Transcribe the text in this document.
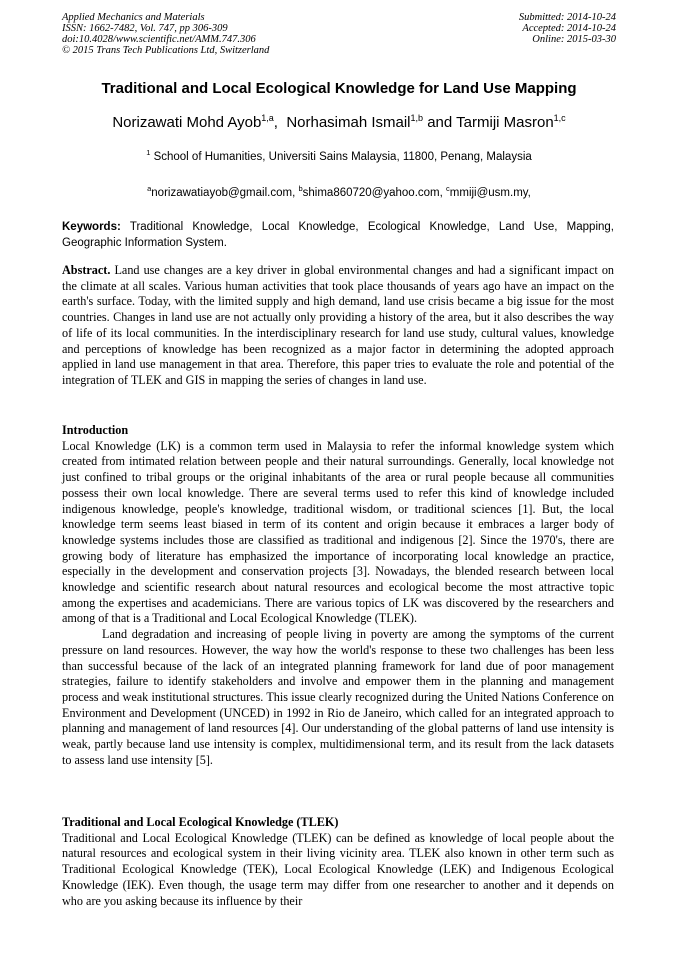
Applied Mechanics and Materials
ISSN: 1662-7482, Vol. 747, pp 306-309
doi:10.4028/www.scientific.net/AMM.747.306
© 2015 Trans Tech Publications Ltd, Switzerland
Submitted: 2014-10-24
Accepted: 2014-10-24
Online: 2015-03-30
Traditional and Local Ecological Knowledge for Land Use Mapping
Norizawati Mohd Ayob$^{1,a}$,  Norhasimah Ismail$^{1,b}$ and Tarmiji Masron$^{1,c}$
$^1$ School of Humanities, Universiti Sains Malaysia, 11800, Penang, Malaysia
$^a$norizawatiayob@gmail.com, $^b$shima860720@yahoo.com, $^c$mmiji@usm.my,
Keywords: Traditional Knowledge, Local Knowledge, Ecological Knowledge, Land Use, Mapping, Geographic Information System.

Abstract. Land use changes are a key driver in global environmental changes and had a significant impact on the climate at all scales. Various human activities that took place thousands of years ago have an impact on the earth's surface. Today, with the limited supply and high demand, land use crisis became a big issue for the most countries. Changes in land use are not actually only providing a history of the area, but it also describes the way of life of its local communities. In the interdisciplinary research for land use study, cultural values, knowledge and perceptions of knowledge has been recognized as a major factor in determining the adopted approach applied in land use management in that area. Therefore, this paper tries to evaluate the role and potential of the integration of TLEK and GIS in mapping the series of changes in land use.

Introduction

Local Knowledge (LK) is a common term used in Malaysia to refer the informal knowledge system which created from intimated relation between people and their natural surroundings. Generally, local knowledge not just confined to tribal groups or the original inhabitants of the area or rural people because all communities possess their own local knowledge. There are several terms used to refer this kind of knowledge included indigenous knowledge, people's knowledge, traditional wisdom, or traditional sciences [1]. But, the local knowledge term seems least biased in term of its content and origin because it embraces a larger body of knowledge systems includes those are classified as traditional and indigenous [2]. Since the 1970's, there are growing body of literature has emphasized the importance of incorporating local knowledge an practice, especially in the development and conservation projects [3]. Nowadays, the blended research between local knowledge and scientific research about natural resources and ecological become the most attractive topic among the expertises and academicians. There are various topics of LK was discovered by the researchers and among of that is a Traditional and Local Ecological Knowledge (TLEK).

Land degradation and increasing of people living in poverty are among the symptoms of the current pressure on land resources. However, the way how the world's response to these two challenges has been less than successful because of the lack of an integrated planning framework for land due of poor management strategies, failure to identify stakeholders and involve and empower them in the planning and management process and weak institutional structures. This issue clearly recognized during the United Nations Conference on Environment and Development (UNCED) in 1992 in Rio de Janeiro, which called for an integrated approach to planning and management of land resources [4]. Our understanding of the global patterns of land use intensity is weak, partly because land use intensity is complex, multidimensional term, and its result from the lack datasets to assess land use intensity [5].

Traditional and Local Ecological Knowledge (TLEK)

Traditional and Local Ecological Knowledge (TLEK) can be defined as knowledge of local people about the natural resources and ecological system in their living vicinity area. TLEK also known in other term such as Traditional Ecological Knowledge (TEK), Local Ecological Knowledge (LEK) and Indigenous Ecological Knowledge (IEK). Even though, the usage term may differ from one researcher to another and it depends on who are you asking because its influence by their
